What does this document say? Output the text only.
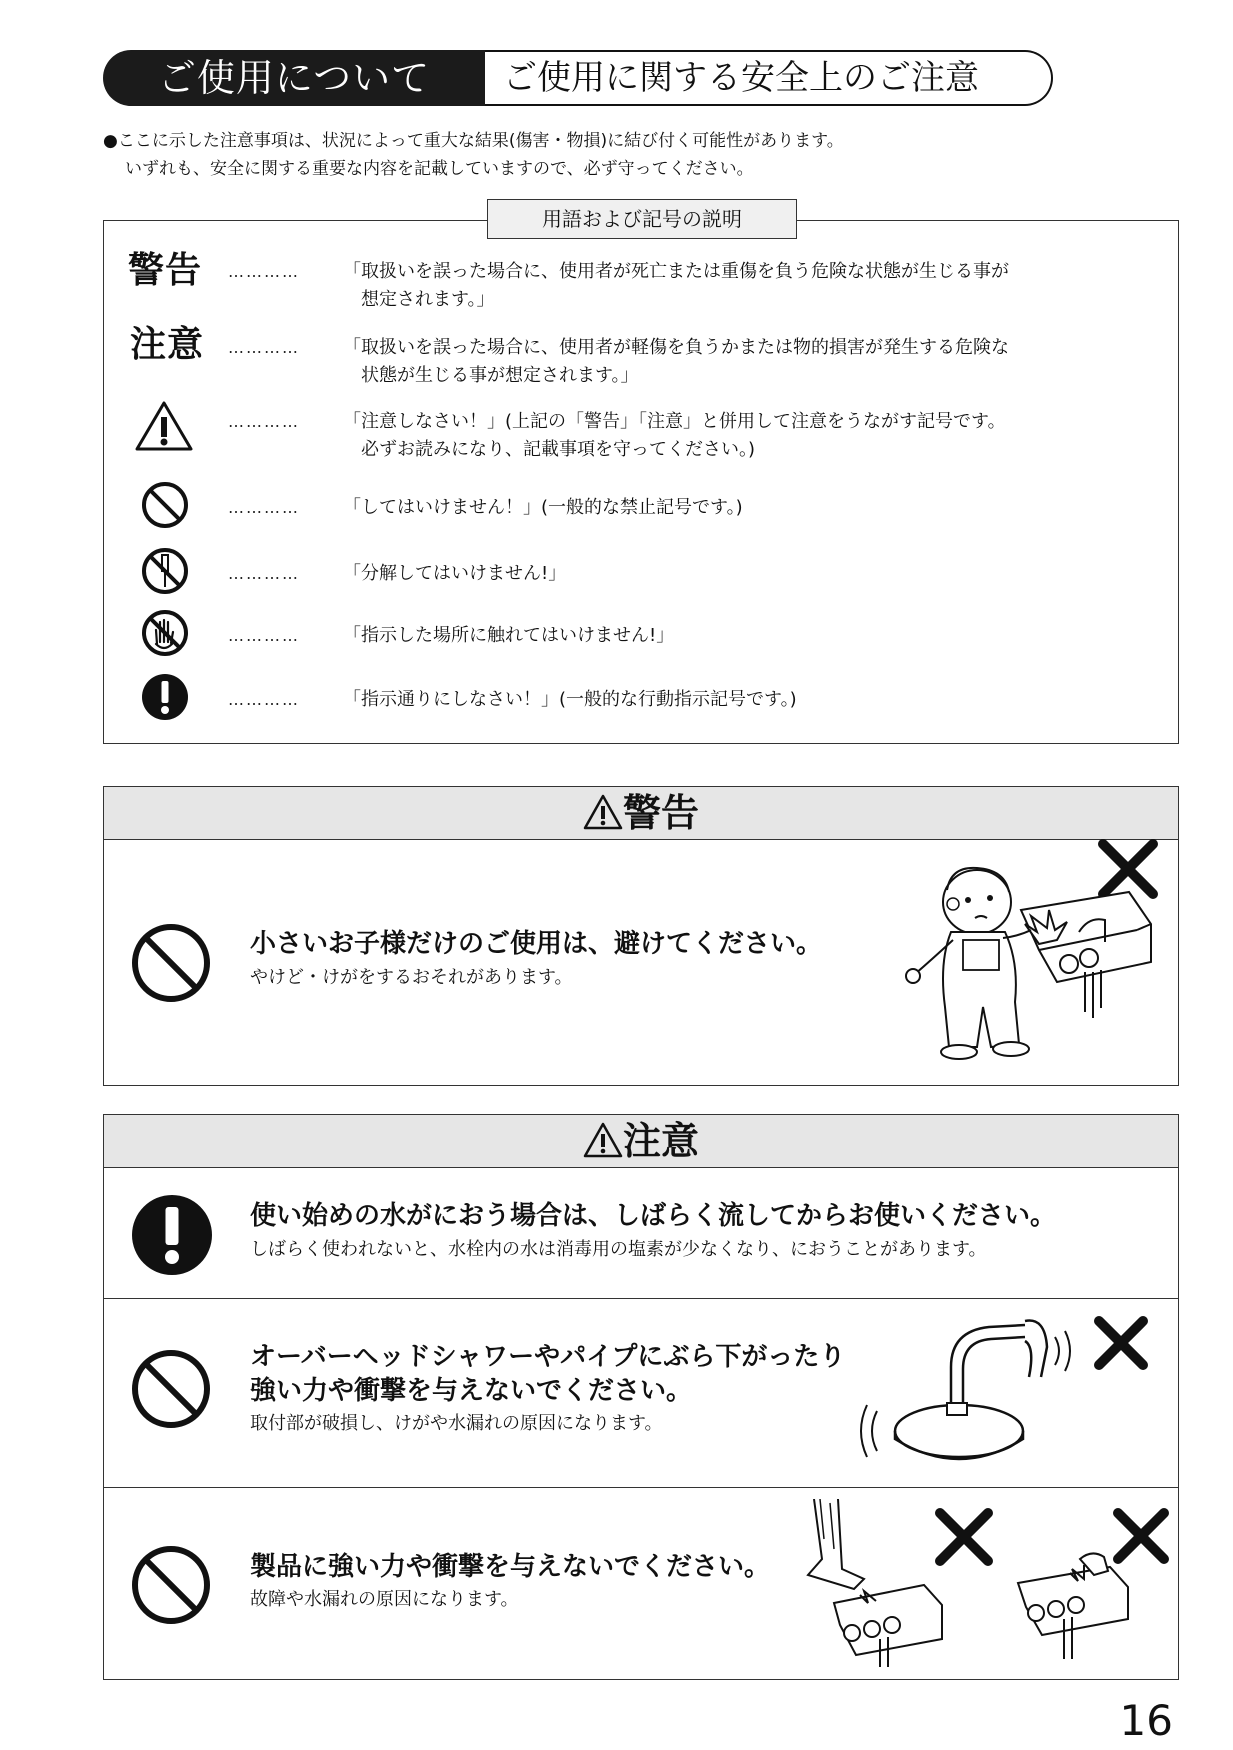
ご使用について	ご使用に関する安全上のご注意
●ここに示した注意事項は、状況によって重大な結果(傷害・物損)に結び付く可能性があります。
いずれも、安全に関する重要な内容を記載していますので、必ず守ってください。
用語および記号の説明
警告 ………… 「取扱いを誤った場合に、使用者が死亡または重傷を負う危険な状態が生じる事が
想定されます。」
注意 ………… 「取扱いを誤った場合に、使用者が軽傷を負うかまたは物的損害が発生する危険な
状態が生じる事が想定されます。」
………… 「注意しなさい！」(上記の「警告」「注意」と併用して注意をうながす記号です。
必ずお読みになり、記載事項を守ってください。)
………… 「してはいけません！」(一般的な禁止記号です。)
………… 「分解してはいけません!」
………… 「指示した場所に触れてはいけません!」
………… 「指示通りにしなさい！」(一般的な行動指示記号です。)
警告
小さいお子様だけのご使用は、避けてください。
やけど・けがをするおそれがあります。
注意
使い始めの水がにおう場合は、しばらく流してからお使いください。
しばらく使われないと、水栓内の水は消毒用の塩素が少なくなり、におうことがあります。
オーバーヘッドシャワーやパイプにぶら下がったり
強い力や衝撃を与えないでください。
取付部が破損し、けがや水漏れの原因になります。
製品に強い力や衝撃を与えないでください。
故障や水漏れの原因になります。
16
